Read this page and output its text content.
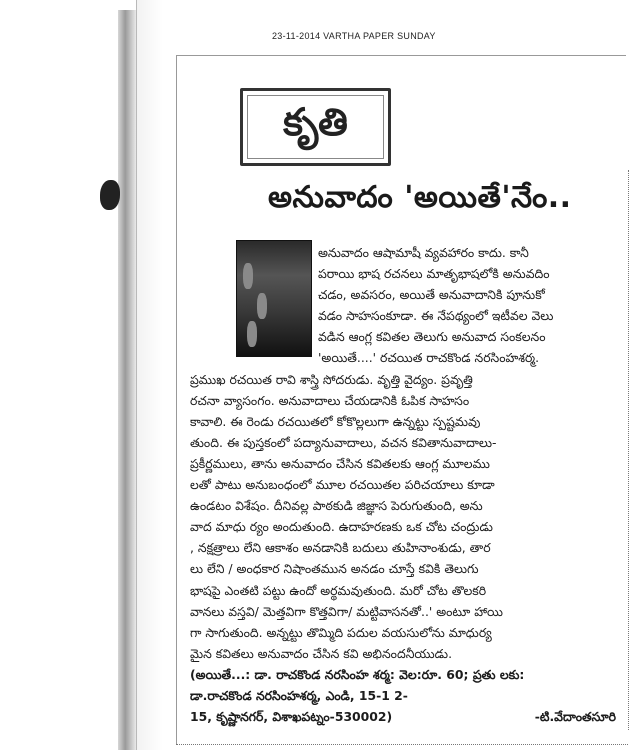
23-11-2014 VARTHA PAPER SUNDAY
కృతి
అనువాదం 'అయితే'నేం..
అనువాదం ఆషామాషీ వ్యవహారం కాదు. కానీ
పరాయి భాష రచనలు మాతృభాషలోకి అనువదిం
చడం, అవసరం, అయితే అనువాదానికి పూనుకో
వడం సాహసంకూడా. ఈ నేపథ్యంలో ఇటీవల వెలు
వడిన ఆంగ్ల కవితల తెలుగు అనువాద సంకలనం
'అయితే....' రచయిత రాచకొండ నరసింహశర్మ.
ప్రముఖ రచయిత రావి శాస్త్రి సోదరుడు. వృత్తి వైద్యం. ప్రవృత్తి
రచనా వ్యాసంగం. అనువాదాలు చేయడానికి ఓపిక సాహసం
కావాలి. ఈ రెండు రచయితలో కోకొల్లలుగా ఉన్నట్టు స్పష్టమవు
తుంది. ఈ పుస్తకంలో పద్యానువాదాలు, వచన కవితానువాదాలు-
ప్రకీర్ణములు, తాను అనువాదం చేసిన కవితలకు ఆంగ్ల మూలము
లతో పాటు అనుబంధంలో మూల రచయితల పరిచయాలు కూడా
ఉండటం విశేషం. దీనివల్ల పాఠకుడి జిజ్ఞాస పెరుగుతుంది, అను
వాద మాధు ర్యం అందుతుంది. ఉదాహరణకు ఒక చోట చంద్రుడు
, నక్షత్రాలు లేని ఆకాశం అనడానికి బదులు తుహినాంశుడు, తార
లు లేని / అంధకార నిషాంతమున అనడం చూస్తే కవికి తెలుగు
భాషపై ఎంతటి పట్టు ఉందో అర్థమవుతుంది. మరో చోట తొలకరి
వానలు వస్తవి/ మెత్తవిగా కొత్తవిగా/ మట్టివాసనతో..' అంటూ హాయి
గా సాగుతుంది. అన్నట్టు తొమ్మిది పదుల వయసులోను మాధుర్య
మైన కవితలు అనువాదం చేసిన కవి అభినందనీయుడు.
(అయితే...: డా. రాచకొండ నరసింహ శర్మ: వెల:రూ. 60; ప్రతు లకు:
డా.రాచకొండ నరసింహశర్మ, ఎండి, 15-1 2-
15, కృష్ణానగర్, విశాఖపట్నం-530002)	-టి.వేదాంతసూరి
